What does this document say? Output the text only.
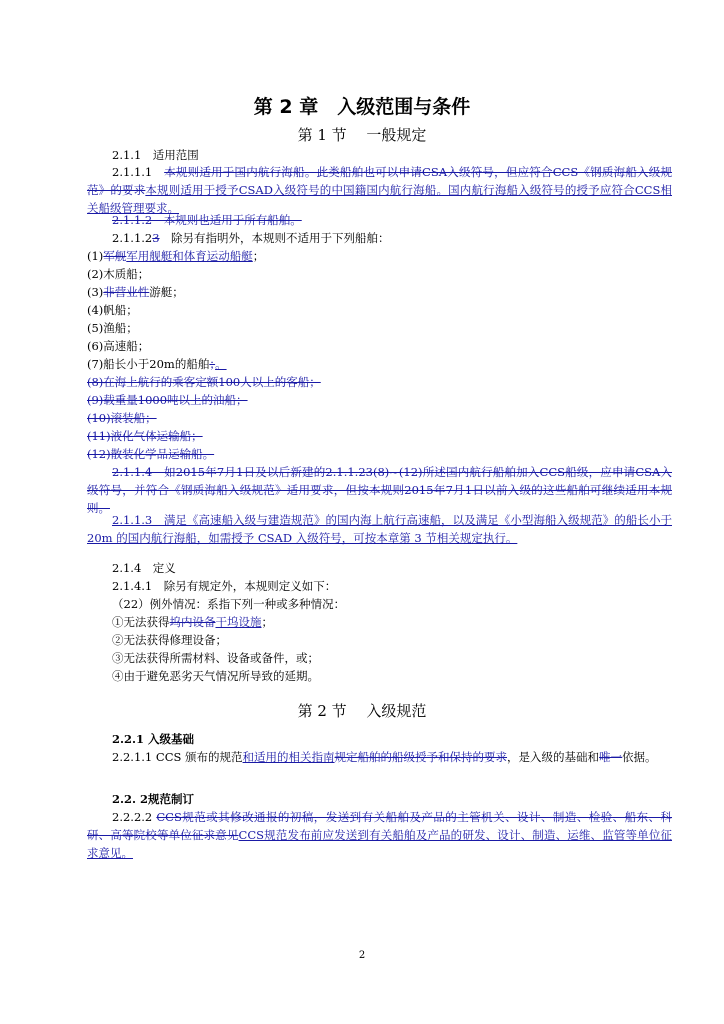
第 2 章　入级范围与条件
第 1 节　 一般规定
2.1.1　适用范围
2.1.1.1　本规则适用于国内航行海船。此类船舶也可以申请CSA入级符号，但应符合CCS《钢质海船入级规范》的要求本规则适用于授予CSAD入级符号的中国籍国内航行海船。国内航行海船入级符号的授予应符合CCS相关船级管理要求。
2.1.1.2　本规则也适用于所有船舶。
2.1.1.23　除另有指明外，本规则不适用于下列船舶：
(1)军舰军用舰艇和体育运动船艇；
(2)木质船；
(3)非营业性游艇；
(4)帆船；
(5)渔船；
(6)高速船；
(7)船长小于20m的船舶；。
(8)在海上航行的乘客定额100人以上的客船；
(9)载重量1000吨以上的油船；
(10)滚装船；
(11)液化气体运输船；
(12)散装化学品运输船。
2.1.1.4　如2015年7月1日及以后新建的2.1.1.23(8)~(12)所述国内航行船舶加入CCS船级，应申请CSA入级符号，并符合《钢质海船入级规范》适用要求，但按本规则2015年7月1日以前入级的这些船舶可继续适用本规则。
2.1.1.3　满足《高速船入级与建造规范》的国内海上航行高速船，以及满足《小型海船入级规范》的船长小于 20m 的国内航行海船，如需授予 CSAD 入级符号，可按本章第 3 节相关规定执行。
2.1.4　定义
2.1.4.1　除另有规定外，本规则定义如下：
（22）例外情况：系指下列一种或多种情况：
①无法获得坞内设备干坞设施；
②无法获得修理设备；
③无法获得所需材料、设备或备件，或；
④由于避免恶劣天气情况所导致的延期。
第 2 节　 入级规范
2.2.1 入级基础
2.2.1.1 CCS 颁布的规范和适用的相关指南规定船舶的船级授予和保持的要求，是入级的基础和唯一依据。
2.2. 2规范制订
2.2.2.2 CCS规范或其修改通报的初稿，发送到有关船舶及产品的主管机关、设计、制造、检验、船东、科研、高等院校等单位征求意见CCS规范发布前应发送到有关船舶及产品的研发、设计、制造、运维、监管等单位征求意见。
2
